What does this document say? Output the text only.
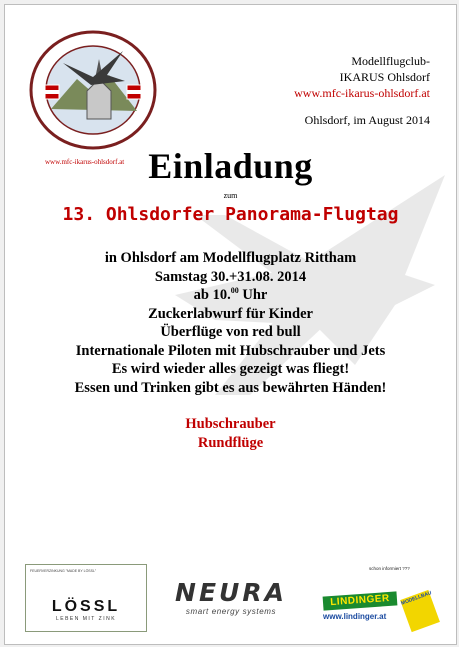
Modellflugclub-
IKARUS Ohlsdorf
www.mfc-ikarus-ohlsdorf.at
Ohlsdorf, im August 2014
www.mfc-ikarus-ohlsdorf.at Einladung
zum
13. Ohlsdorfer Panorama-Flugtag
in Ohlsdorf am Modellflugplatz Rittham
Samstag 30.+31.08. 2014
ab 10.00 Uhr
Zuckerlabwurf für Kinder
Überflüge von red bull
Internationale Piloten mit Hubschrauber und Jets
Es wird wieder alles gezeigt was fliegt!
Essen und Trinken gibt es aus bewährten Händen!
Hubschrauber
Rundflüge
FEUERVERZINKUNG "MADE BY LÖSSL"
LÖSSL
LEBEN MIT ZINK
NEURA
smart energy systems
schon informiert ???
LINDINGER
www.lindinger.at
MODELLBAU
